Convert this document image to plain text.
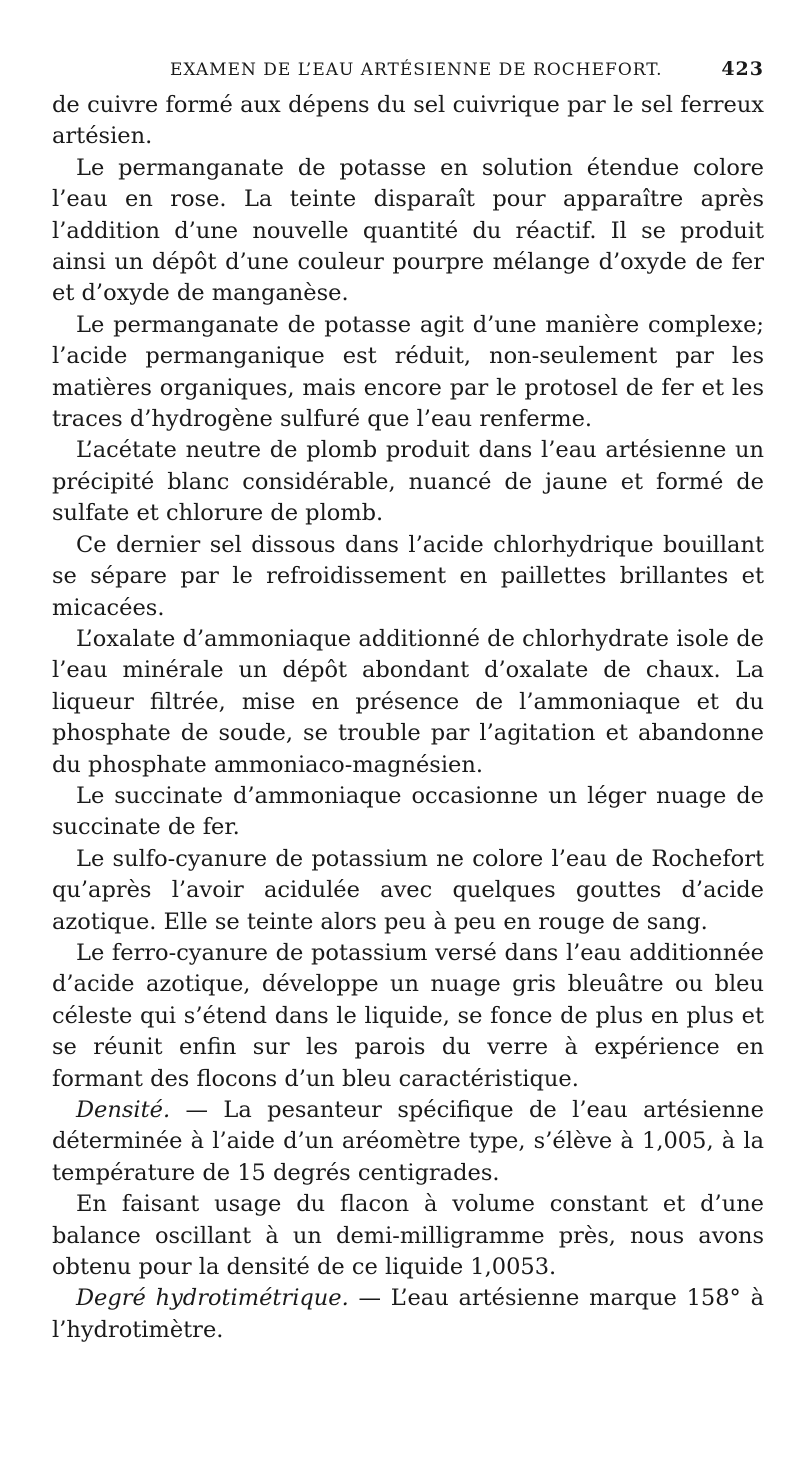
EXAMEN DE L’EAU ARTÉSIENNE DE ROCHEFORT.	423

de cuivre formé aux dépens du sel cuivrique par le sel ferreux artésien.

Le permanganate de potasse en solution étendue colore l’eau en rose. La teinte disparaît pour apparaître après l’addition d’une nouvelle quantité du réactif. Il se produit ainsi un dépôt d’une couleur pourpre mélange d’oxyde de fer et d’oxyde de manganèse.

Le permanganate de potasse agit d’une manière complexe; l’acide permanganique est réduit, non-seulement par les matières organiques, mais encore par le protosel de fer et les traces d’hydrogène sulfuré que l’eau renferme.

L’acétate neutre de plomb produit dans l’eau artésienne un précipité blanc considérable, nuancé de jaune et formé de sulfate et chlorure de plomb.

Ce dernier sel dissous dans l’acide chlorhydrique bouillant se sépare par le refroidissement en paillettes brillantes et micacées.

L’oxalate d’ammoniaque additionné de chlorhydrate isole de l’eau minérale un dépôt abondant d’oxalate de chaux. La liqueur filtrée, mise en présence de l’ammoniaque et du phosphate de soude, se trouble par l’agitation et abandonne du phosphate ammoniaco-magnésien.

Le succinate d’ammoniaque occasionne un léger nuage de succinate de fer.

Le sulfo-cyanure de potassium ne colore l’eau de Rochefort qu’après l’avoir acidulée avec quelques gouttes d’acide azotique. Elle se teinte alors peu à peu en rouge de sang.

Le ferro-cyanure de potassium versé dans l’eau additionnée d’acide azotique, développe un nuage gris bleuâtre ou bleu céleste qui s’étend dans le liquide, se fonce de plus en plus et se réunit enfin sur les parois du verre à expérience en formant des flocons d’un bleu caractéristique.

Densité. — La pesanteur spécifique de l’eau artésienne déterminée à l’aide d’un aréomètre type, s’élève à 1,005, à la température de 15 degrés centigrades.

En faisant usage du flacon à volume constant et d’une balance oscillant à un demi-milligramme près, nous avons obtenu pour la densité de ce liquide 1,0053.

Degré hydrotimétrique. — L’eau artésienne marque 158° à l’hydrotimètre.
